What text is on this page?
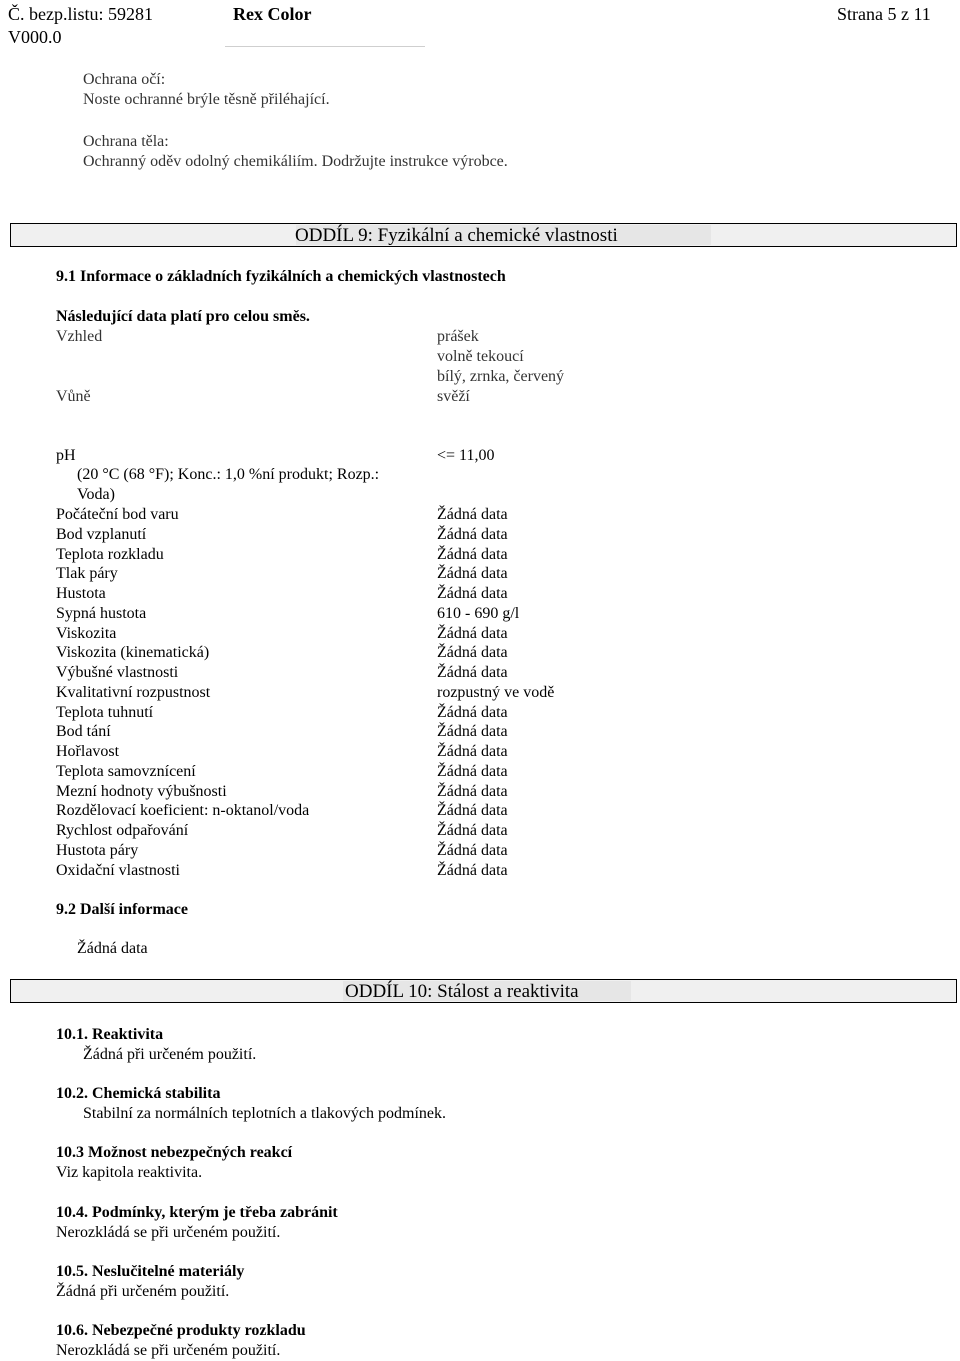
Č. bezp.listu: 59281	Rex Color	Strana 5 z 11
V000.0
Ochrana očí:
Noste ochranné brýle těsně přiléhající.
Ochrana těla:
Ochranný oděv odolný chemikáliím. Dodržujte instrukce výrobce.
ODDÍL 9: Fyzikální a chemické vlastnosti
9.1 Informace o základních fyzikálních a chemických vlastnostech
Následující data platí pro celou směs.
Vzhled	prášek
volně tekoucí
bílý, zrnka, červený
Vůně	svěží
pH	<= 11,00
(20 °C (68 °F); Konc.: 1,0 %ní produkt; Rozp.:
Voda)
Počáteční bod varu	Žádná data
Bod vzplanutí	Žádná data
Teplota rozkladu	Žádná data
Tlak páry	Žádná data
Hustota	Žádná data
Sypná hustota	610 - 690 g/l
Viskozita	Žádná data
Viskozita (kinematická)	Žádná data
Výbušné vlastnosti	Žádná data
Kvalitativní rozpustnost	rozpustný ve vodě
Teplota tuhnutí	Žádná data
Bod tání	Žádná data
Hořlavost	Žádná data
Teplota samovznícení	Žádná data
Mezní hodnoty výbušnosti	Žádná data
Rozdělovací koeficient: n-oktanol/voda	Žádná data
Rychlost odpařování	Žádná data
Hustota páry	Žádná data
Oxidační vlastnosti	Žádná data
9.2 Další informace
Žádná data
ODDÍL 10: Stálost a reaktivita
10.1. Reaktivita
Žádná při určeném použití.
10.2. Chemická stabilita
Stabilní za normálních teplotních a tlakových podmínek.
10.3 Možnost nebezpečných reakcí
Viz kapitola reaktivita.
10.4. Podmínky, kterým je třeba zabránit
Nerozkládá se při určeném použití.
10.5. Neslučitelné materiály
Žádná při určeném použití.
10.6. Nebezpečné produkty rozkladu
Nerozkládá se při určeném použití.
